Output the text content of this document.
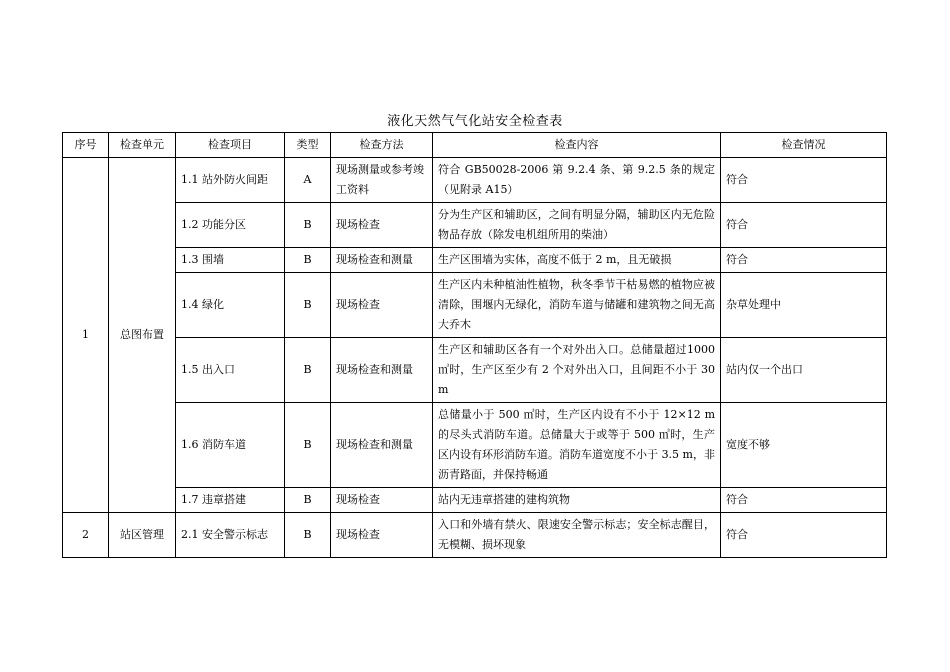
液化天然气气化站安全检查表
序号	检查单元	检查项目	类型	检查方法	检查内容	检查情况
1	总图布置	1.1 站外防火间距	A	现场测量或参考竣工资料	符合 GB50028-2006 第 9.2.4 条、第 9.2.5 条的规定（见附录 A15）	符合
		1.2 功能分区	B	现场检查	分为生产区和辅助区，之间有明显分隔，辅助区内无危险物品存放（除发电机组所用的柴油）	符合
		1.3 围墙	B	现场检查和测量	生产区围墙为实体，高度不低于 2 m，且无破损	符合
		1.4 绿化	B	现场检查	生产区内未种植油性植物，秋冬季节干枯易燃的植物应被清除，围堰内无绿化，消防车道与储罐和建筑物之间无高大乔木	杂草处理中
		1.5 出入口	B	现场检查和测量	生产区和辅助区各有一个对外出入口。总储量超过1000㎥时，生产区至少有 2 个对外出入口，且间距不小于 30 m	站内仅一个出口
		1.6 消防车道	B	现场检查和测量	总储量小于 500 ㎥时，生产区内设有不小于 12×12 m 的尽头式消防车道。总储量大于或等于 500 ㎥时，生产区内设有环形消防车道。消防车道宽度不小于 3.5 m，非沥青路面，并保持畅通	宽度不够
		1.7 违章搭建	B	现场检查	站内无违章搭建的建构筑物	符合
2	站区管理	2.1 安全警示标志	B	现场检查	入口和外墙有禁火、限速安全警示标志；安全标志醒目，无模糊、损坏现象	符合
